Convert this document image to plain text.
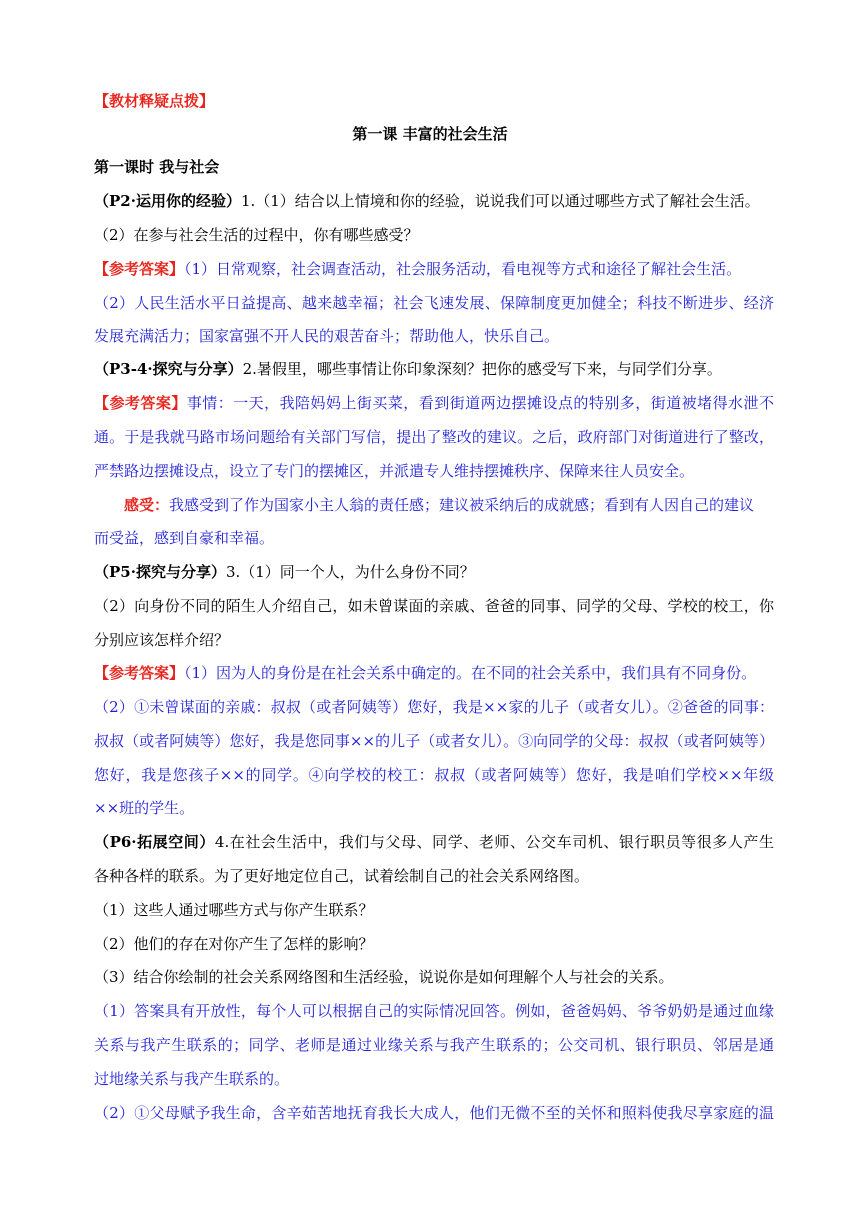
【教材释疑点拨】
第一课 丰富的社会生活
第一课时 我与社会
（P2·运用你的经验）1.（1）结合以上情境和你的经验，说说我们可以通过哪些方式了解社会生活。
（2）在参与社会生活的过程中，你有哪些感受？
【参考答案】（1）日常观察，社会调查活动，社会服务活动，看电视等方式和途径了解社会生活。
（2）人民生活水平日益提高、越来越幸福；社会飞速发展、保障制度更加健全；科技不断进步、经济
发展充满活力；国家富强不开人民的艰苦奋斗；帮助他人，快乐自己。
（P3-4·探究与分享）2.暑假里，哪些事情让你印象深刻？把你的感受写下来，与同学们分享。
【参考答案】事情：一天，我陪妈妈上街买菜，看到街道两边摆摊设点的特别多，街道被堵得水泄不
通。于是我就马路市场问题给有关部门写信，提出了整改的建议。之后，政府部门对街道进行了整改，
严禁路边摆摊设点，设立了专门的摆摊区，并派遣专人维持摆摊秩序、保障来往人员安全。
感受：我感受到了作为国家小主人翁的责任感；建议被采纳后的成就感；看到有人因自己的建议
而受益，感到自豪和幸福。
（P5·探究与分享）3.（1）同一个人，为什么身份不同？
（2）向身份不同的陌生人介绍自己，如未曾谋面的亲戚、爸爸的同事、同学的父母、学校的校工，你
分别应该怎样介绍？
【参考答案】（1）因为人的身份是在社会关系中确定的。在不同的社会关系中，我们具有不同身份。
（2）①未曾谋面的亲戚：叔叔（或者阿姨等）您好，我是××家的儿子（或者女儿）。②爸爸的同事：
叔叔（或者阿姨等）您好，我是您同事××的儿子（或者女儿）。③向同学的父母：叔叔（或者阿姨等）
您好，我是您孩子××的同学。④向学校的校工：叔叔（或者阿姨等）您好，我是咱们学校××年级
××班的学生。
（P6·拓展空间）4.在社会生活中，我们与父母、同学、老师、公交车司机、银行职员等很多人产生
各种各样的联系。为了更好地定位自己，试着绘制自己的社会关系网络图。
（1）这些人通过哪些方式与你产生联系？
（2）他们的存在对你产生了怎样的影响？
（3）结合你绘制的社会关系网络图和生活经验，说说你是如何理解个人与社会的关系。
（1）答案具有开放性，每个人可以根据自己的实际情况回答。例如，爸爸妈妈、爷爷奶奶是通过血缘
关系与我产生联系的；同学、老师是通过业缘关系与我产生联系的；公交司机、银行职员、邻居是通
过地缘关系与我产生联系的。
（2）①父母赋予我生命，含辛茹苦地抚育我长大成人，他们无微不至的关怀和照料使我尽享家庭的温
